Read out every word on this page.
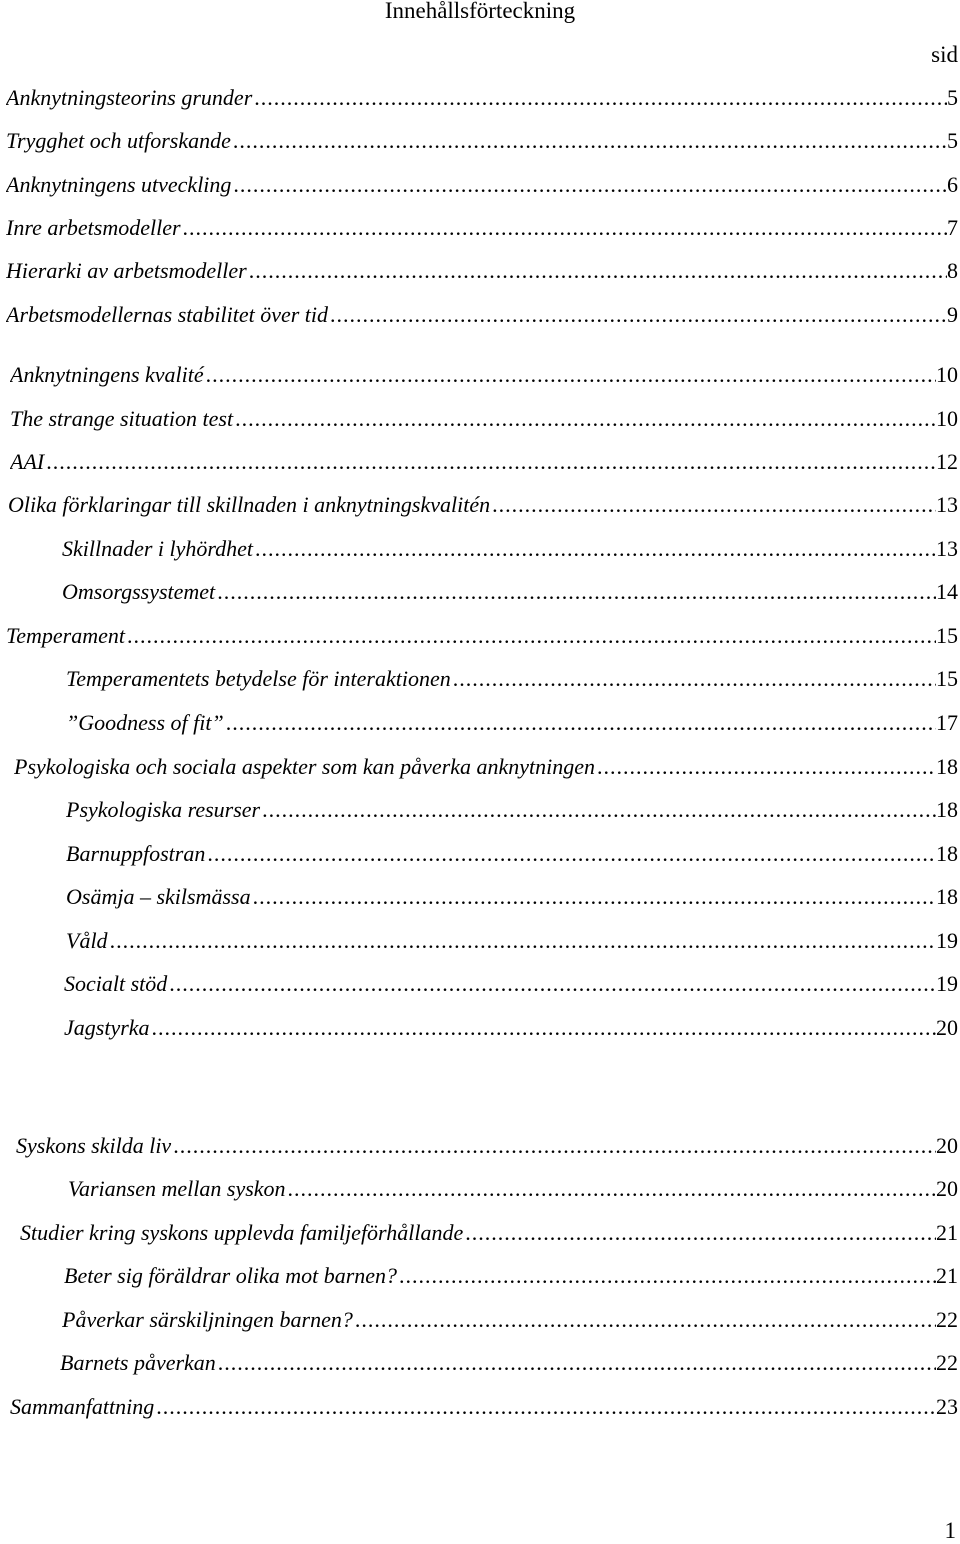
Innehållsförteckning
sid
Anknytningsteorins grunder .....	5
Trygghet och utforskande .....	5
Anknytningens utveckling .....	6
Inre arbetsmodeller .....	7
Hierarki av arbetsmodeller .....	8
Arbetsmodellernas stabilitet över tid .....	9
Anknytningens kvalité .....	10
The strange situation test .....	10
AAI .....	12
Olika förklaringar till skillnaden i anknytningskvalitén .....	13
Skillnader i lyhördhet .....	13
Omsorgssystemet .....	14
Temperament .....	15
Temperamentets betydelse för interaktionen .....	15
”Goodness of fit” .....	17
Psykologiska och sociala aspekter som kan påverka anknytningen .....	18
Psykologiska resurser .....	18
Barnuppfostran .....	18
Osämja – skilsmässa .....	18
Våld .....	19
Socialt stöd .....	19
Jagstyrka .....	20
Syskons skilda liv .....	20
Variansen mellan syskon .....	20
Studier kring syskons upplevda familjeförhållande .....	21
Beter sig föräldrar olika mot barnen? .....	21
Påverkar särskiljningen barnen? .....	22
Barnets påverkan .....	22
Sammanfattning .....	23
1
